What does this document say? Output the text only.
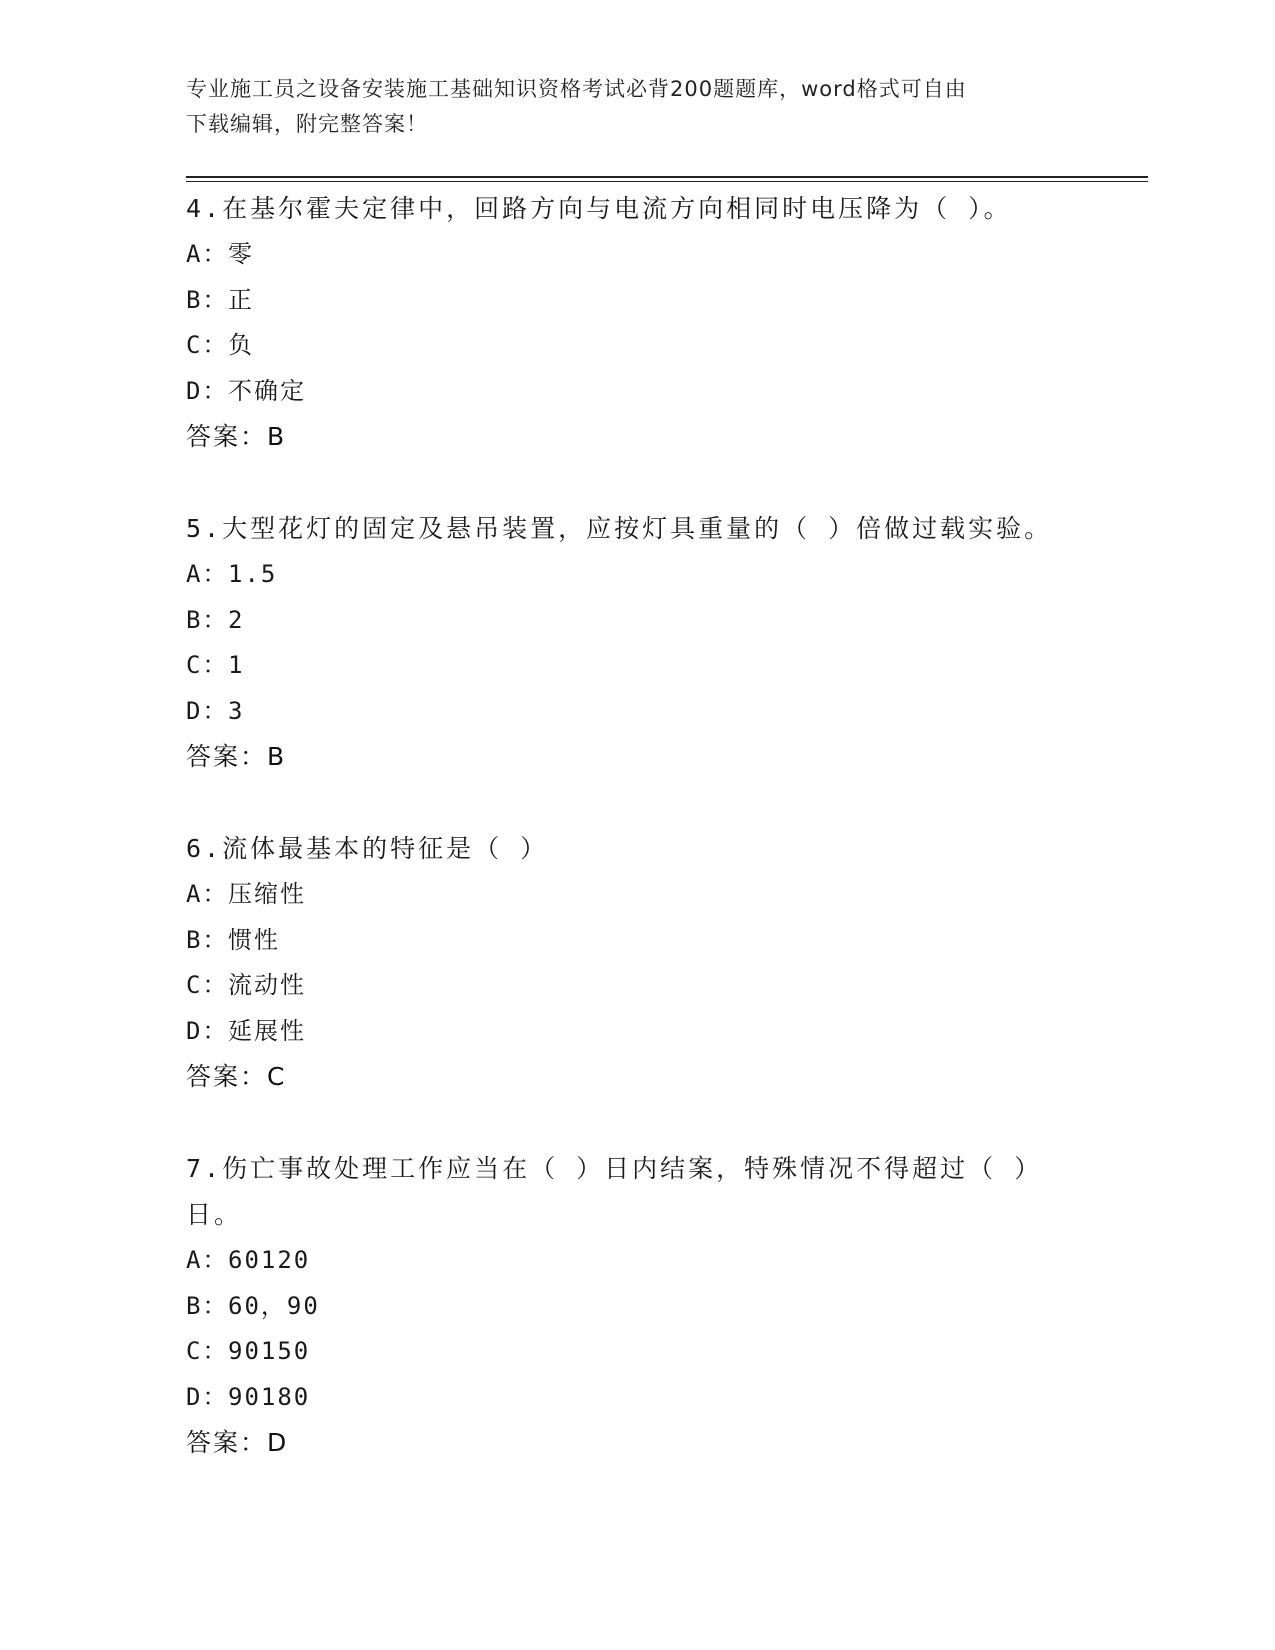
专业施工员之设备安装施工基础知识资格考试必背200题题库，word格式可自由
下载编辑，附完整答案！

4.在基尔霍夫定律中，回路方向与电流方向相同时电压降为（ ）。

A：零

B：正

C：负

D：不确定

答案：B

5.大型花灯的固定及悬吊装置，应按灯具重量的（ ）倍做过载实验。

A：1.5

B：2

C：1

D：3

答案：B

6.流体最基本的特征是（ ）

A：压缩性

B：惯性

C：流动性

D：延展性

答案：C

7.伤亡事故处理工作应当在（ ）日内结案，特殊情况不得超过（ ）日。

A：60120

B：60，90

C：90150

D：90180

答案：D
